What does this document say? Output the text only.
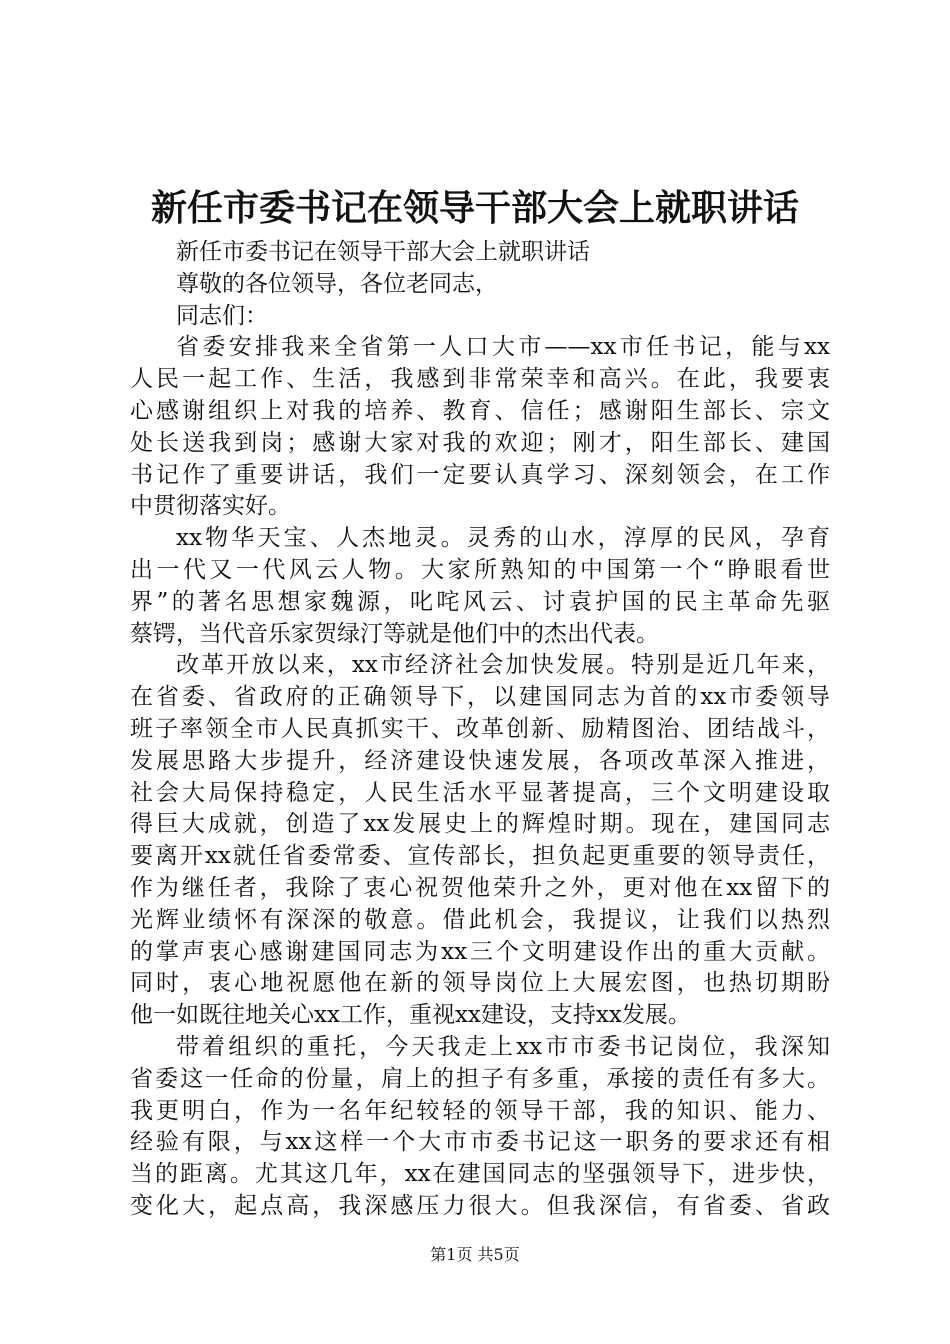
新任市委书记在领导干部大会上就职讲话
新任市委书记在领导干部大会上就职讲话
尊敬的各位领导，各位老同志，
同志们：
省委安排我来全省第一人口大市——xx市任书记，能与xx
人民一起工作、生活，我感到非常荣幸和高兴。在此，我要衷
心感谢组织上对我的培养、教育、信任；感谢阳生部长、宗文
处长送我到岗；感谢大家对我的欢迎；刚才，阳生部长、建国
书记作了重要讲话，我们一定要认真学习、深刻领会，在工作
中贯彻落实好。
xx物华天宝、人杰地灵。灵秀的山水，淳厚的民风，孕育
出一代又一代风云人物。大家所熟知的中国第一个“睁眼看世
界”的著名思想家魏源，叱咤风云、讨袁护国的民主革命先驱
蔡锷，当代音乐家贺绿汀等就是他们中的杰出代表。
改革开放以来，xx市经济社会加快发展。特别是近几年来，
在省委、省政府的正确领导下，以建国同志为首的xx市委领导
班子率领全市人民真抓实干、改革创新、励精图治、团结战斗，
发展思路大步提升，经济建设快速发展，各项改革深入推进，
社会大局保持稳定，人民生活水平显著提高，三个文明建设取
得巨大成就，创造了xx发展史上的辉煌时期。现在，建国同志
要离开xx就任省委常委、宣传部长，担负起更重要的领导责任，
作为继任者，我除了衷心祝贺他荣升之外，更对他在xx留下的
光辉业绩怀有深深的敬意。借此机会，我提议，让我们以热烈
的掌声衷心感谢建国同志为xx三个文明建设作出的重大贡献。
同时，衷心地祝愿他在新的领导岗位上大展宏图，也热切期盼
他一如既往地关心xx工作，重视xx建设，支持xx发展。
带着组织的重托，今天我走上xx市市委书记岗位，我深知
省委这一任命的份量，肩上的担子有多重，承接的责任有多大。
我更明白，作为一名年纪较轻的领导干部，我的知识、能力、
经验有限，与xx这样一个大市市委书记这一职务的要求还有相
当的距离。尤其这几年，xx在建国同志的坚强领导下，进步快，
变化大，起点高，我深感压力很大。但我深信，有省委、省政
第1页 共5页
